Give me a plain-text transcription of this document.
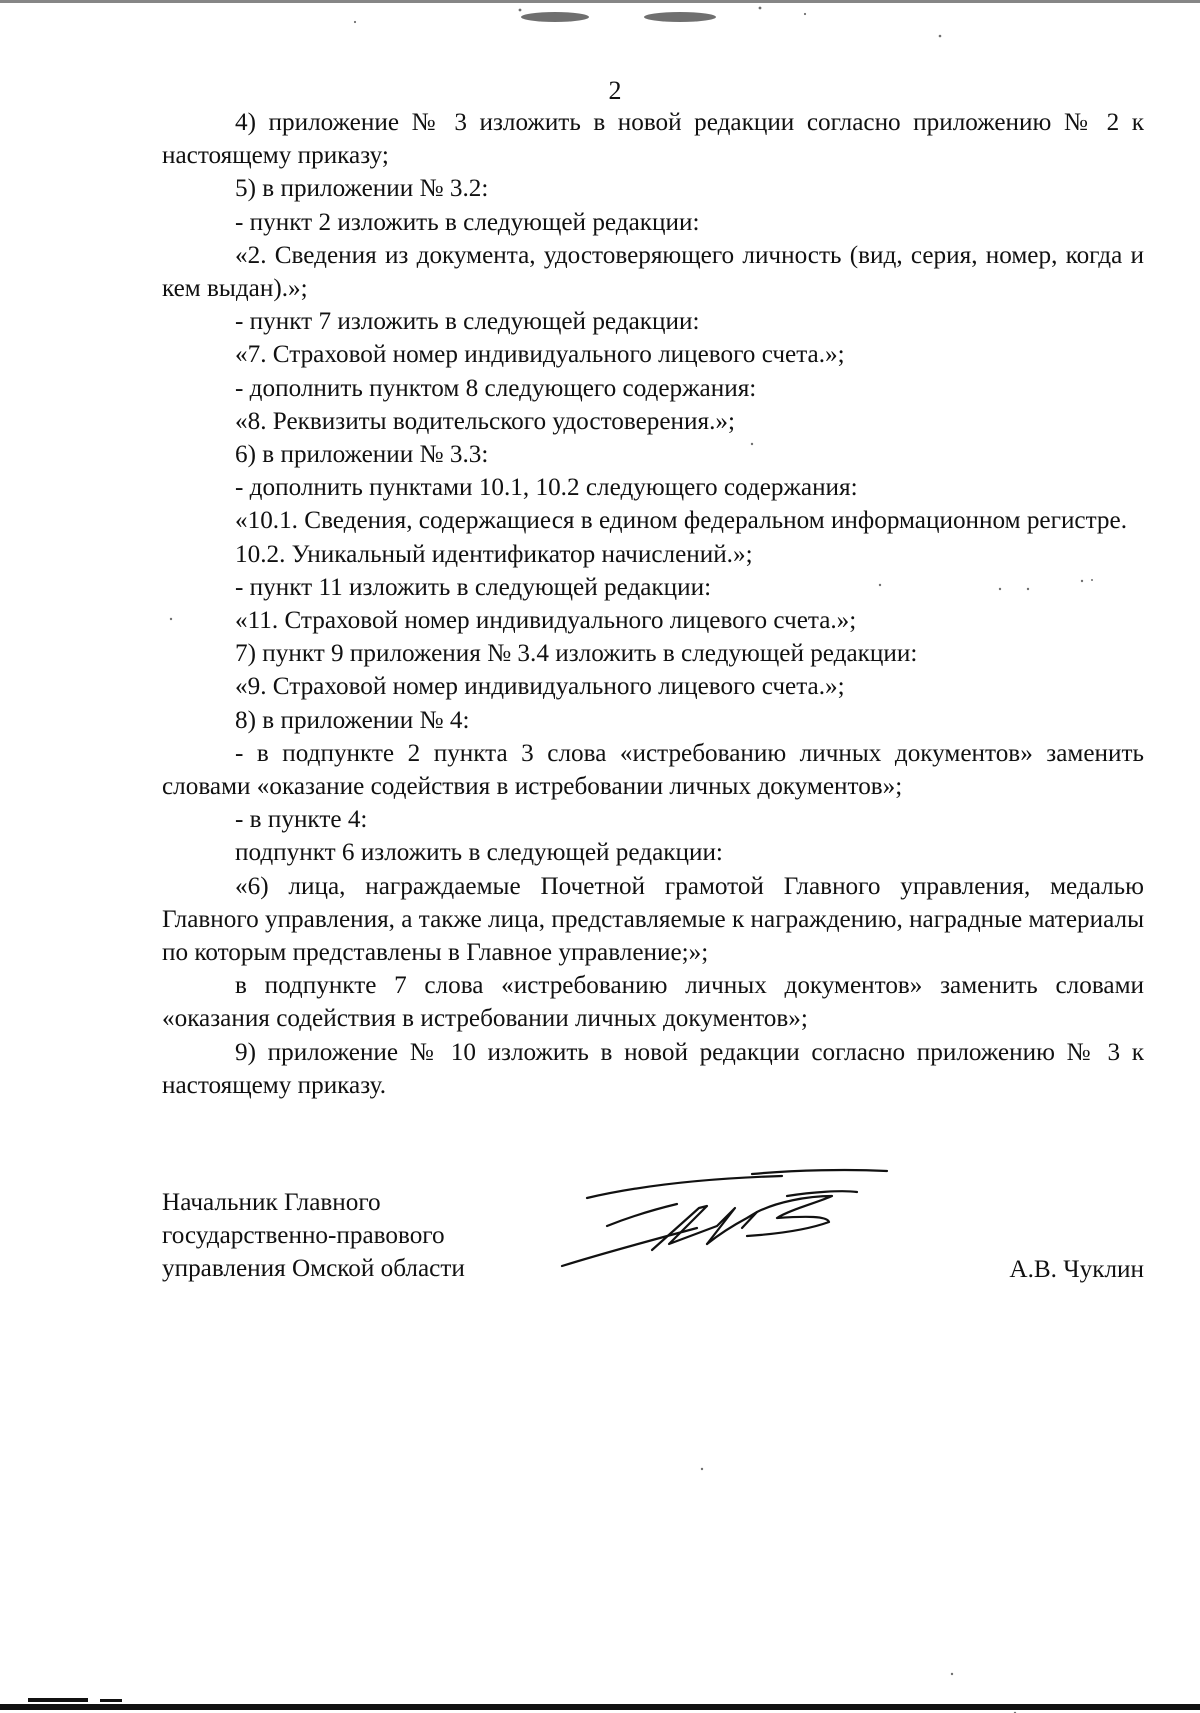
2

4) приложение № 3 изложить в новой редакции согласно приложению № 2 к настоящему приказу;

5) в приложении № 3.2:

- пункт 2 изложить в следующей редакции:

«2. Сведения из документа, удостоверяющего личность (вид, серия, номер, когда и кем выдан).»;

- пункт 7 изложить в следующей редакции:

«7. Страховой номер индивидуального лицевого счета.»;

- дополнить пунктом 8 следующего содержания:

«8. Реквизиты водительского удостоверения.»;

6) в приложении № 3.3:

- дополнить пунктами 10.1, 10.2 следующего содержания:

«10.1. Сведения, содержащиеся в едином федеральном информационном регистре.

10.2. Уникальный идентификатор начислений.»;

- пункт 11 изложить в следующей редакции:

«11. Страховой номер индивидуального лицевого счета.»;

7) пункт 9 приложения № 3.4 изложить в следующей редакции:

«9. Страховой номер индивидуального лицевого счета.»;

8) в приложении № 4:

- в подпункте 2 пункта 3 слова «истребованию личных документов» заменить словами «оказание содействия в истребовании личных документов»;

- в пункте 4:

подпункт 6 изложить в следующей редакции:

«6) лица, награждаемые Почетной грамотой Главного управления, медалью Главного управления, а также лица, представляемые к награждению, наградные материалы по которым представлены в Главное управление;»;

в подпункте 7 слова «истребованию личных документов» заменить словами «оказания содействия в истребовании личных документов»;

9) приложение № 10 изложить в новой редакции согласно приложению № 3 к настоящему приказу.

Начальник Главного
государственно-правового
управления Омской области	А.В. Чуклин
